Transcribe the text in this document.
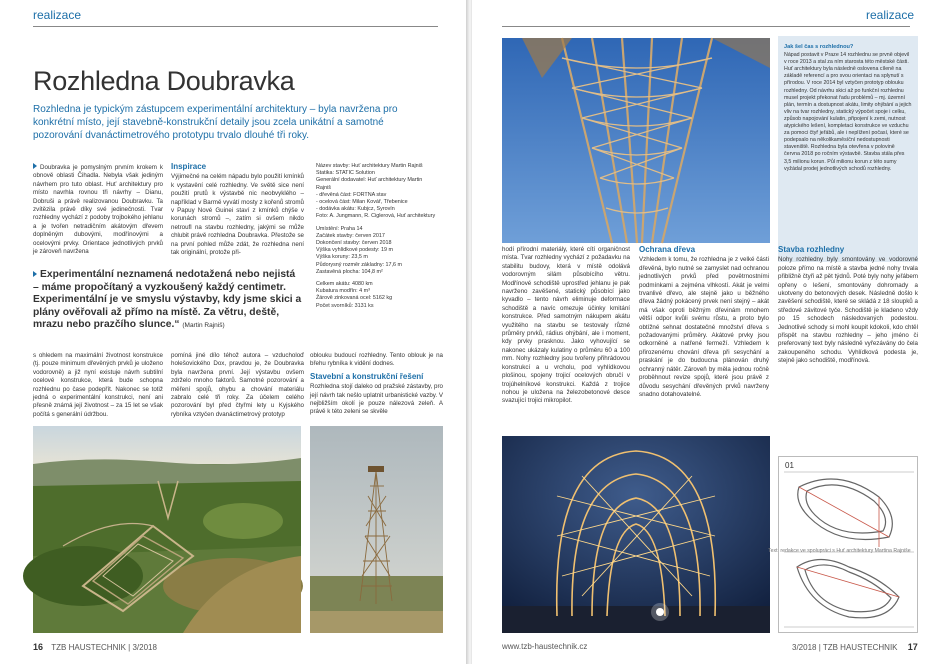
realizace
Rozhledna Doubravka
Rozhledna je typickým zástupcem experimentální architektury – byla navržena pro konkrétní místo, její stavebně-konstrukční detaily jsou zcela unikátní a samotné pozorování dvanáctimetrového prototypu trvalo dlouhé tři roky.
Doubravka je pomyslným prvním krokem k obnově oblasti Čihadla. Nebyla však jediným návrhem pro tuto oblast. Huť architektury pro místo navrhla rovnou tři návrhy – Dianu, Dobruši a právě realizovanou Doubravku. Ta zvítězila právě díky své jedinečnosti. Tvar rozhledny vychází z podoby trojbokého jehlanu a je tvořen netradičním akátovým dřevem doplněným dubovými, modřínovými a ocelovými prvky. Orientace jednotlivých prvků je zároveň navržena
Inspirace
Výjimečné na celém nápadu bylo použití kmínků k vystavění celé rozhledny. Ve světě sice není použití prutů k výstavbě nic neobvyklého – například v Barmě vyvátí mosty z kořenů stromů v Papuy Nové Guinei staví z kmínků chýše v korunách stromů –, zatím si ovšem nikdo netroufl na stavbu rozhledny, jakými se může chlubit právě rozhledna Doubravka. Přestože se na první pohled může zdát, že rozhledna není tak originální, protože při-
Název stavby: Huť architektury Martin Rajniš
Statika: STATIC Solution
Generální dodavatel: Huť architektury Martin Rajniš
- dřevěná část: FORTNA stav
- ocelová část: Milan Kovář, Třebenice
- dodávka akátu: Kubjcz, Syrovín
Foto: A. Jungmann, R. Ciglerová, Huť architektury
Umístění: Praha 14
Začátek stavby: červen 2017
Dokončení stavby: červen 2018
Výška vyhlídkové podesty: 19 m
Výška koruny: 23,5 m
Půdorysný rozměr základny: 17,6 m
Zastavěná plocha: 104,8 m²
Celkem akátu: 4080 km
Kubatura modřín: 4 m³
Žárově zinkovaná ocel: 5162 kg
Počet svorníků: 3131 ks
Experimentální neznamená nedotažená nebo nejistá – máme propočítaný a vyzkoušený každý centimetr. Experimentální je ve smyslu výstavby, kdy jsme skici a plány ověřovali až přímo na místě. Za větru, deště, mrazu nebo prazčího slunce.“ (Martin Rajniš)
s ohledem na maximální životnost konstrukce (tj. pouze minimum dřevěných prvků je uloženo vodorovně) a již nyní existuje návrh subtilní ocelové konstrukce, která bude schopna rozhlednu po čase podepřít. Nakonec se totiž jedná o experimentální konstrukci, není ani přesně známá její životnost – za 15 let se však počítá s generální údržbou.
pomíná jiné dílo téhož autora – vzducholoď holešovického Dox, pravdou je, že Doubravka byla navržena první. Její výstavbu ovšem zdrželo mnoho faktorů. Samotné pozorování a měření spojů, ohybu a chování materiálu zabralo celé tři roky. Za účelem celého pozorování byl před čtyřmi lety u Kyjského rybníka vztyčen dvanáctimetrový prototyp
oblouku budoucí rozhledny. Tento oblouk je na břehu rybníka k vidění dodnes.
Stavební a konstrukční řešení
Rozhledna stojí daleko od pražské zástavby, pro její návrh tak nešlo uplatnit urbanistické vazby. V nejbližším okolí je pouze nálezová zeleň. A právě k této zeleni se skvěle
16 TZB HAUSTECHNIK | 3/2018
realizace
Jak šel čas s rozhlednou?
Nápad postavit v Praze 14 rozhlednu se prvně objevil v roce 2013 a stal za ním starosta této městské části. Huť architektury byla následně oslovena cíleně na základě referencí a pro svou orientaci na splynutí s přírodou. V roce 2014 byl vztyčen prototyp oblouku rozhledny. Od návrhu skici až po funkční rozhlednu musel projekt překonat řadu problémů – mj. územní plán, termín a dostupnost akátu, limity ohýbání a jejich vliv na tvar rozhledny, statický výpočet spoje i celku, způsob napojování kulatin, připojení k zemi, nutnost atypického lešení, kompletaci konstrukce ve vzduchu za pomoci čtyř jeřábů, ale i neplížení počasí, které se podepsalo na několikaměsíční nedostupnosti staveniště. Rozhledna byla otevřena v polovině června 2018 po ročním výstavbě. Stavba stála přes 3,5 milionu korun. Půl milionu korun z této sumy vyžádal prodej jednotlivých schodů rozhledny.
hodí přírodní materiály, které cítí organičnost místa. Tvar rozhledny vychází z požadavku na stabilitu budovy, která v místě odolává vodorovným silám působícího větru. Modřínové schodiště uprostřed jehlanu je pak navrženo zavěšené, statický působící jako kyvadlo – tento návrh eliminuje deformace schodiště a navíc omezuje účinky kmitání konstrukce. Před samotným nákupem akátu využitého na stavbu se testovaly různé průměry prvků, rádius ohýbání, ale i moment, kdy prvky prasknou. Jako vyhovující se nakonec ukázaly kulatiny o průměru 60 a 100 mm. Nohy rozhledny jsou tvořeny přihrádovou konstrukcí a u vrcholu, pod vyhlídkovou plošinou, spojeny trojicí ocelových obručí v trojúhelníkové konstrukci. Každá z trojice nohou je uložena na železobetonové desce svazující trojici mikropilot.
Ochrana dřeva
Vzhledem k tomu, že rozhledna je z velké části dřevěná, bylo nutné se zamyslet nad ochranou jednotlivých prvků před povětrnostními podmínkami a zejména vlhkostí. Akát je velmi trvanlivé dřevo, ale stejně jako u běžného dřeva žádný pokácený prvek není stejný – akát má však oproti běžným dřevinám mnohem větší odpor kvůli svému růstu, a proto bylo obtížné sehnat dostatečné množství dřeva s požadovanými průměry. Akátové prvky jsou odkorněné a natřené fermeží. Vzhledem k přirozenému chování dřeva při sesychání a praskání je do budoucna plánován druhý ochranný nátěr. Zároveň by měla jednou ročně proběhnout revize spojů, které jsou právě z důvodu sesychání dřevěných prvků navrženy snadno dotahovatelné.
Stavba rozhledny
Nohy rozhledny byly smontovány ve vodorovné poloze přímo na místě a stavba jedné nohy trvala přibližně čtyři až pět týdnů. Poté byly nohy jeřábem opřeny o lešení, smontovány dohromady a ukotveny do betonových desek. Následně došlo k zavěšení schodiště, které se skládá z 18 sloupků a středové závitové tyče. Schodiště je kladeno vždy po 15 schodech následovaných podestou. Jednotlivé schody si mohl koupit kdokoli, kdo chtěl přispět na stavbu rozhledny – jeho jméno či preferovaný text byly následně vyřezávány do čela zakoupeného schodu. Vyhlídková podesta je, stejně jako schodiště, modřínová.
Text: redakce ve spolupráci s Huť architektury Martina Rajniše
01
www.tzb-haustechnik.cz	3/2018 | TZB HAUSTECHNIK 17
